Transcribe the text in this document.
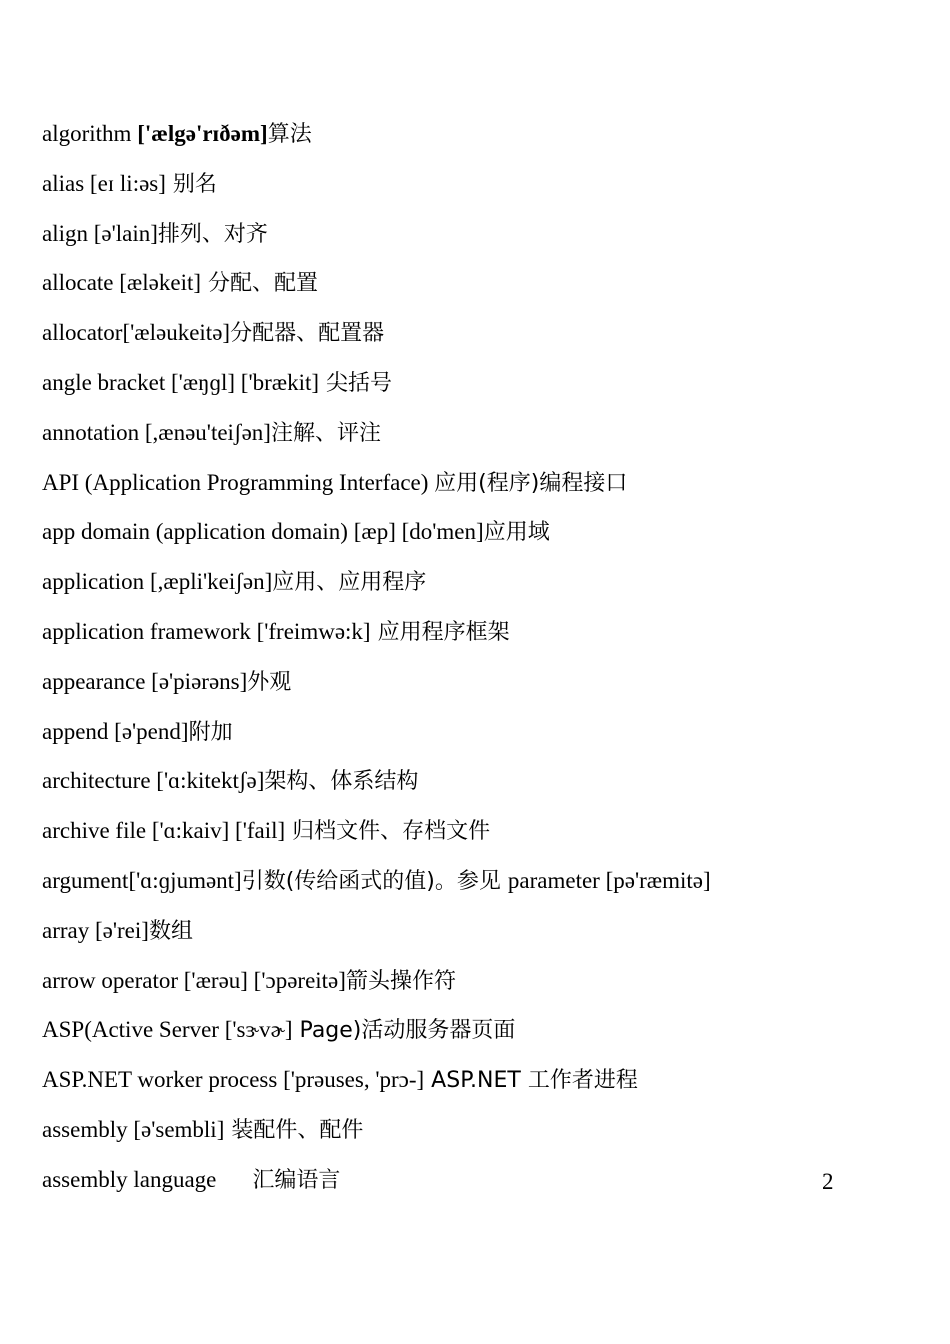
algorithm ['ælgə'rɪðəm]算法
alias [eɪ li:əs] 别名
align [ə'lain]排列、对齐
allocate [æləkeit] 分配、配置
allocator['æləukeitə]分配器、配置器
angle bracket ['æŋɡl] ['brækit] 尖括号
annotation [,ænəu'teiʃən]注解、评注
API (Application Programming Interface) 应用(程序)编程接口
app domain (application domain) [æp] [do'men]应用域
application [,æpli'keiʃən]应用、应用程序
application framework ['freimwə:k] 应用程序框架
appearance [ə'piərəns]外观
append [ə'pend]附加
architecture ['ɑ:kitektʃə]架构、体系结构
archive file ['ɑ:kaiv] ['fail] 归档文件、存档文件
argument['ɑ:ɡjumənt]引数(传给函式的值)。参见 parameter [pə'ræmitə]
array [ə'rei]数组
arrow operator ['ærəu] ['ɔpəreitə]箭头操作符
ASP(Active Server ['sɝvɚ] Page)活动服务器页面
ASP.NET worker process ['prəuses, 'prɔ-] ASP.NET 工作者进程
assembly [ə'sembli] 装配件、配件
assembly language 汇编语言	2
